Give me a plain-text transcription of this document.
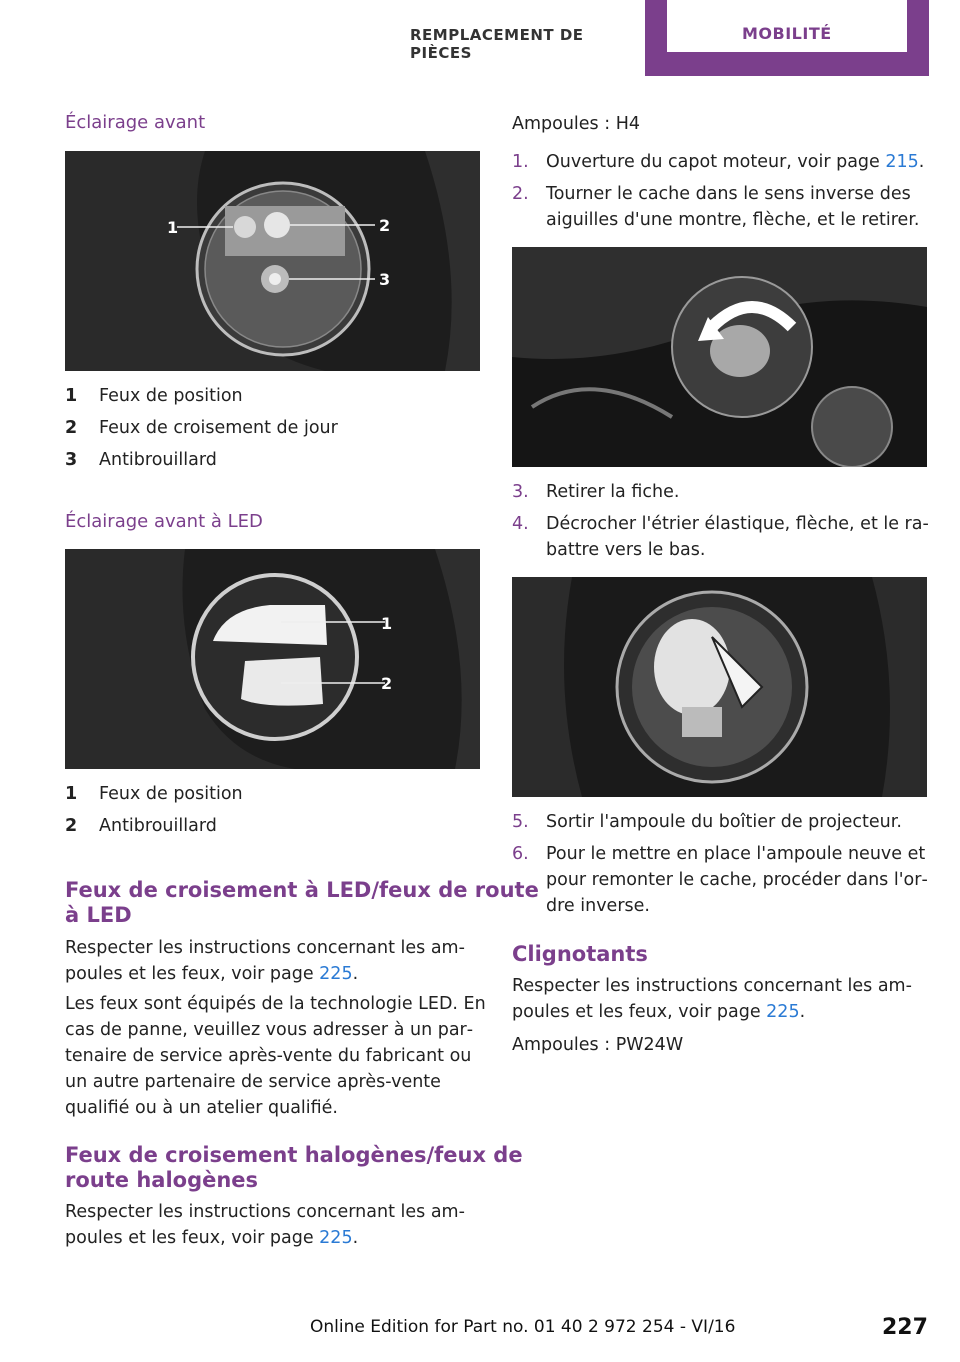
REMPLACEMENT DE PIÈCES
MOBILITÉ
Éclairage avant
1	2
3
1 Feux de position
2 Feux de croisement de jour
3 Antibrouillard
Éclairage avant à LED
1
2
1 Feux de position
2 Antibrouillard
Feux de croisement à LED/feux de route
à LED
Respecter les instructions concernant les am‐
poules et les feux, voir page 225.
Les feux sont équipés de la technologie LED. En
cas de panne, veuillez vous adresser à un par‐
tenaire de service après-vente du fabricant ou
un autre partenaire de service après-vente
qualifié ou à un atelier qualifié.
Feux de croisement halogènes/feux de
route halogènes
Respecter les instructions concernant les am‐
poules et les feux, voir page 225.
Ampoules : H4
1. Ouverture du capot moteur, voir page 215.
2. Tourner le cache dans le sens inverse des
aiguilles d'une montre, flèche, et le retirer.
3. Retirer la fiche.
4. Décrocher l'étrier élastique, flèche, et le ra‐
battre vers le bas.
5. Sortir l'ampoule du boîtier de projecteur.
6. Pour le mettre en place l'ampoule neuve et
pour remonter le cache, procéder dans l'or‐
dre inverse.
Clignotants
Respecter les instructions concernant les am‐
poules et les feux, voir page 225.
Ampoules : PW24W
Online Edition for Part no. 01 40 2 972 254 - VI/16	227
